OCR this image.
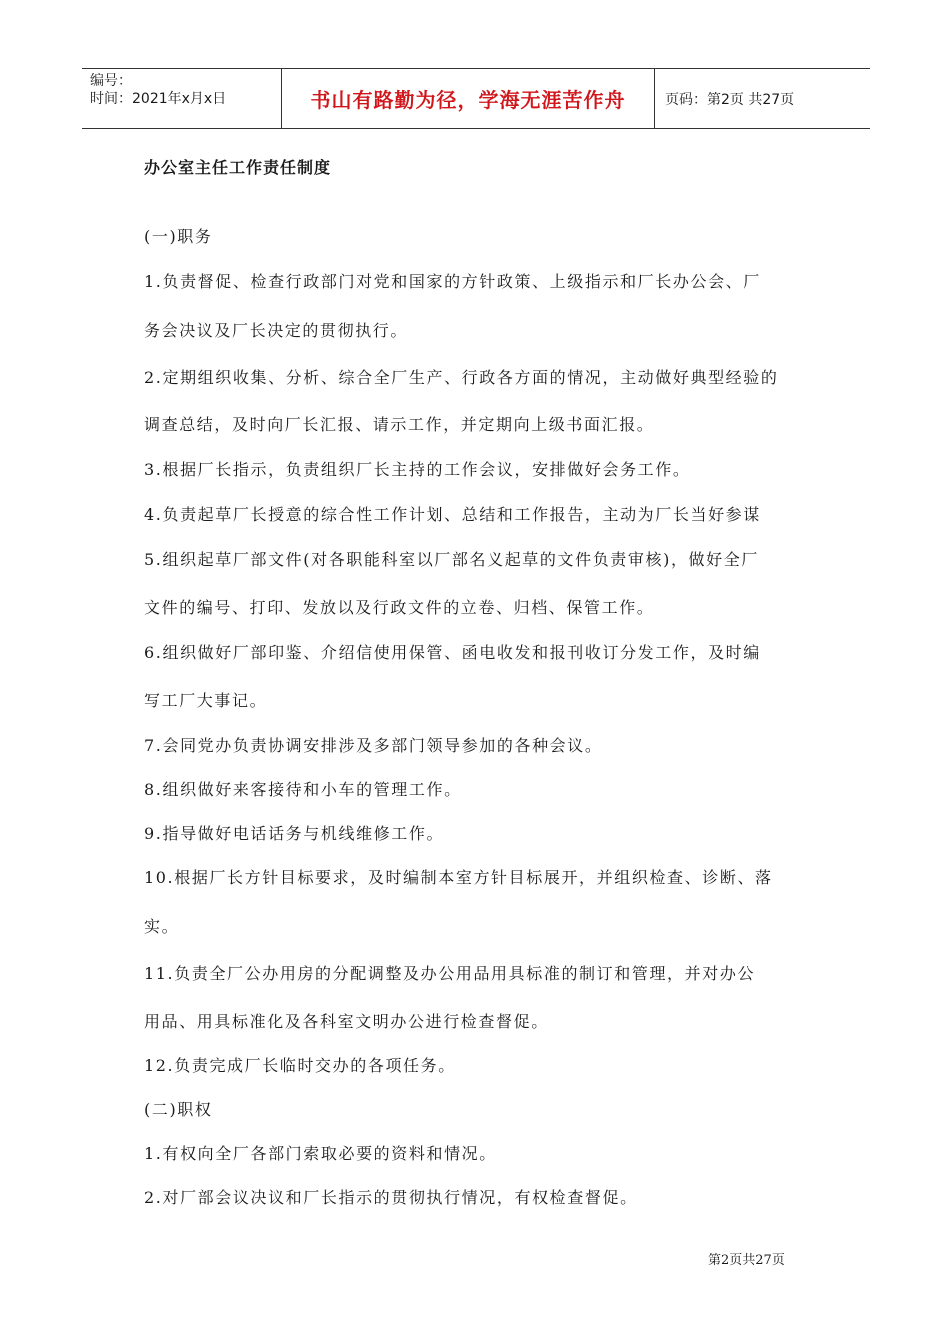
编号：
时间：2021年x月x日	书山有路勤为径，学海无涯苦作舟	页码：第2页 共27页
办公室主任工作责任制度
(一)职务
1.负责督促、检查行政部门对党和国家的方针政策、上级指示和厂长办公会、厂
务会决议及厂长决定的贯彻执行。
2.定期组织收集、分析、综合全厂生产、行政各方面的情况，主动做好典型经验的
调查总结，及时向厂长汇报、请示工作，并定期向上级书面汇报。
3.根据厂长指示，负责组织厂长主持的工作会议，安排做好会务工作。
4.负责起草厂长授意的综合性工作计划、总结和工作报告，主动为厂长当好参谋
5.组织起草厂部文件(对各职能科室以厂部名义起草的文件负责审核)，做好全厂
文件的编号、打印、发放以及行政文件的立卷、归档、保管工作。
6.组织做好厂部印鉴、介绍信使用保管、函电收发和报刊收订分发工作，及时编
写工厂大事记。
7.会同党办负责协调安排涉及多部门领导参加的各种会议。
8.组织做好来客接待和小车的管理工作。
9.指导做好电话话务与机线维修工作。
10.根据厂长方针目标要求，及时编制本室方针目标展开，并组织检查、诊断、落
实。
11.负责全厂公办用房的分配调整及办公用品用具标准的制订和管理，并对办公
用品、用具标准化及各科室文明办公进行检查督促。
12.负责完成厂长临时交办的各项任务。
(二)职权
1.有权向全厂各部门索取必要的资料和情况。
2.对厂部会议决议和厂长指示的贯彻执行情况，有权检查督促。
第2页共27页
